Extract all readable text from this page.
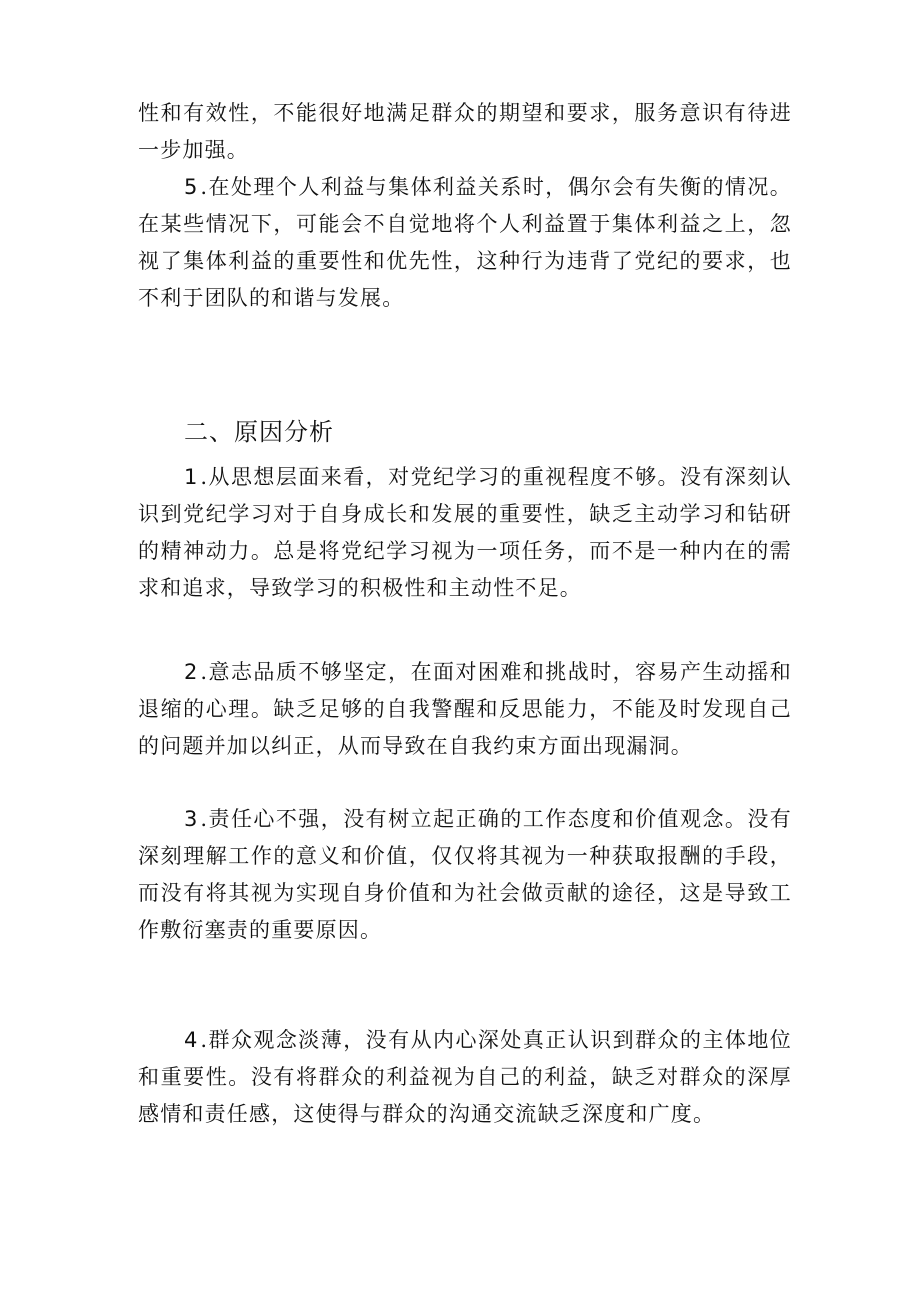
性和有效性，不能很好地满足群众的期望和要求，服务意识有待进一步加强。

5.在处理个人利益与集体利益关系时，偶尔会有失衡的情况。在某些情况下，可能会不自觉地将个人利益置于集体利益之上，忽视了集体利益的重要性和优先性，这种行为违背了党纪的要求，也不利于团队的和谐与发展。

二、原因分析

1.从思想层面来看，对党纪学习的重视程度不够。没有深刻认识到党纪学习对于自身成长和发展的重要性，缺乏主动学习和钻研的精神动力。总是将党纪学习视为一项任务，而不是一种内在的需求和追求，导致学习的积极性和主动性不足。

2.意志品质不够坚定，在面对困难和挑战时，容易产生动摇和退缩的心理。缺乏足够的自我警醒和反思能力，不能及时发现自己的问题并加以纠正，从而导致在自我约束方面出现漏洞。

3.责任心不强，没有树立起正确的工作态度和价值观念。没有深刻理解工作的意义和价值，仅仅将其视为一种获取报酬的手段，而没有将其视为实现自身价值和为社会做贡献的途径，这是导致工作敷衍塞责的重要原因。

4.群众观念淡薄，没有从内心深处真正认识到群众的主体地位和重要性。没有将群众的利益视为自己的利益，缺乏对群众的深厚感情和责任感，这使得与群众的沟通交流缺乏深度和广度。
